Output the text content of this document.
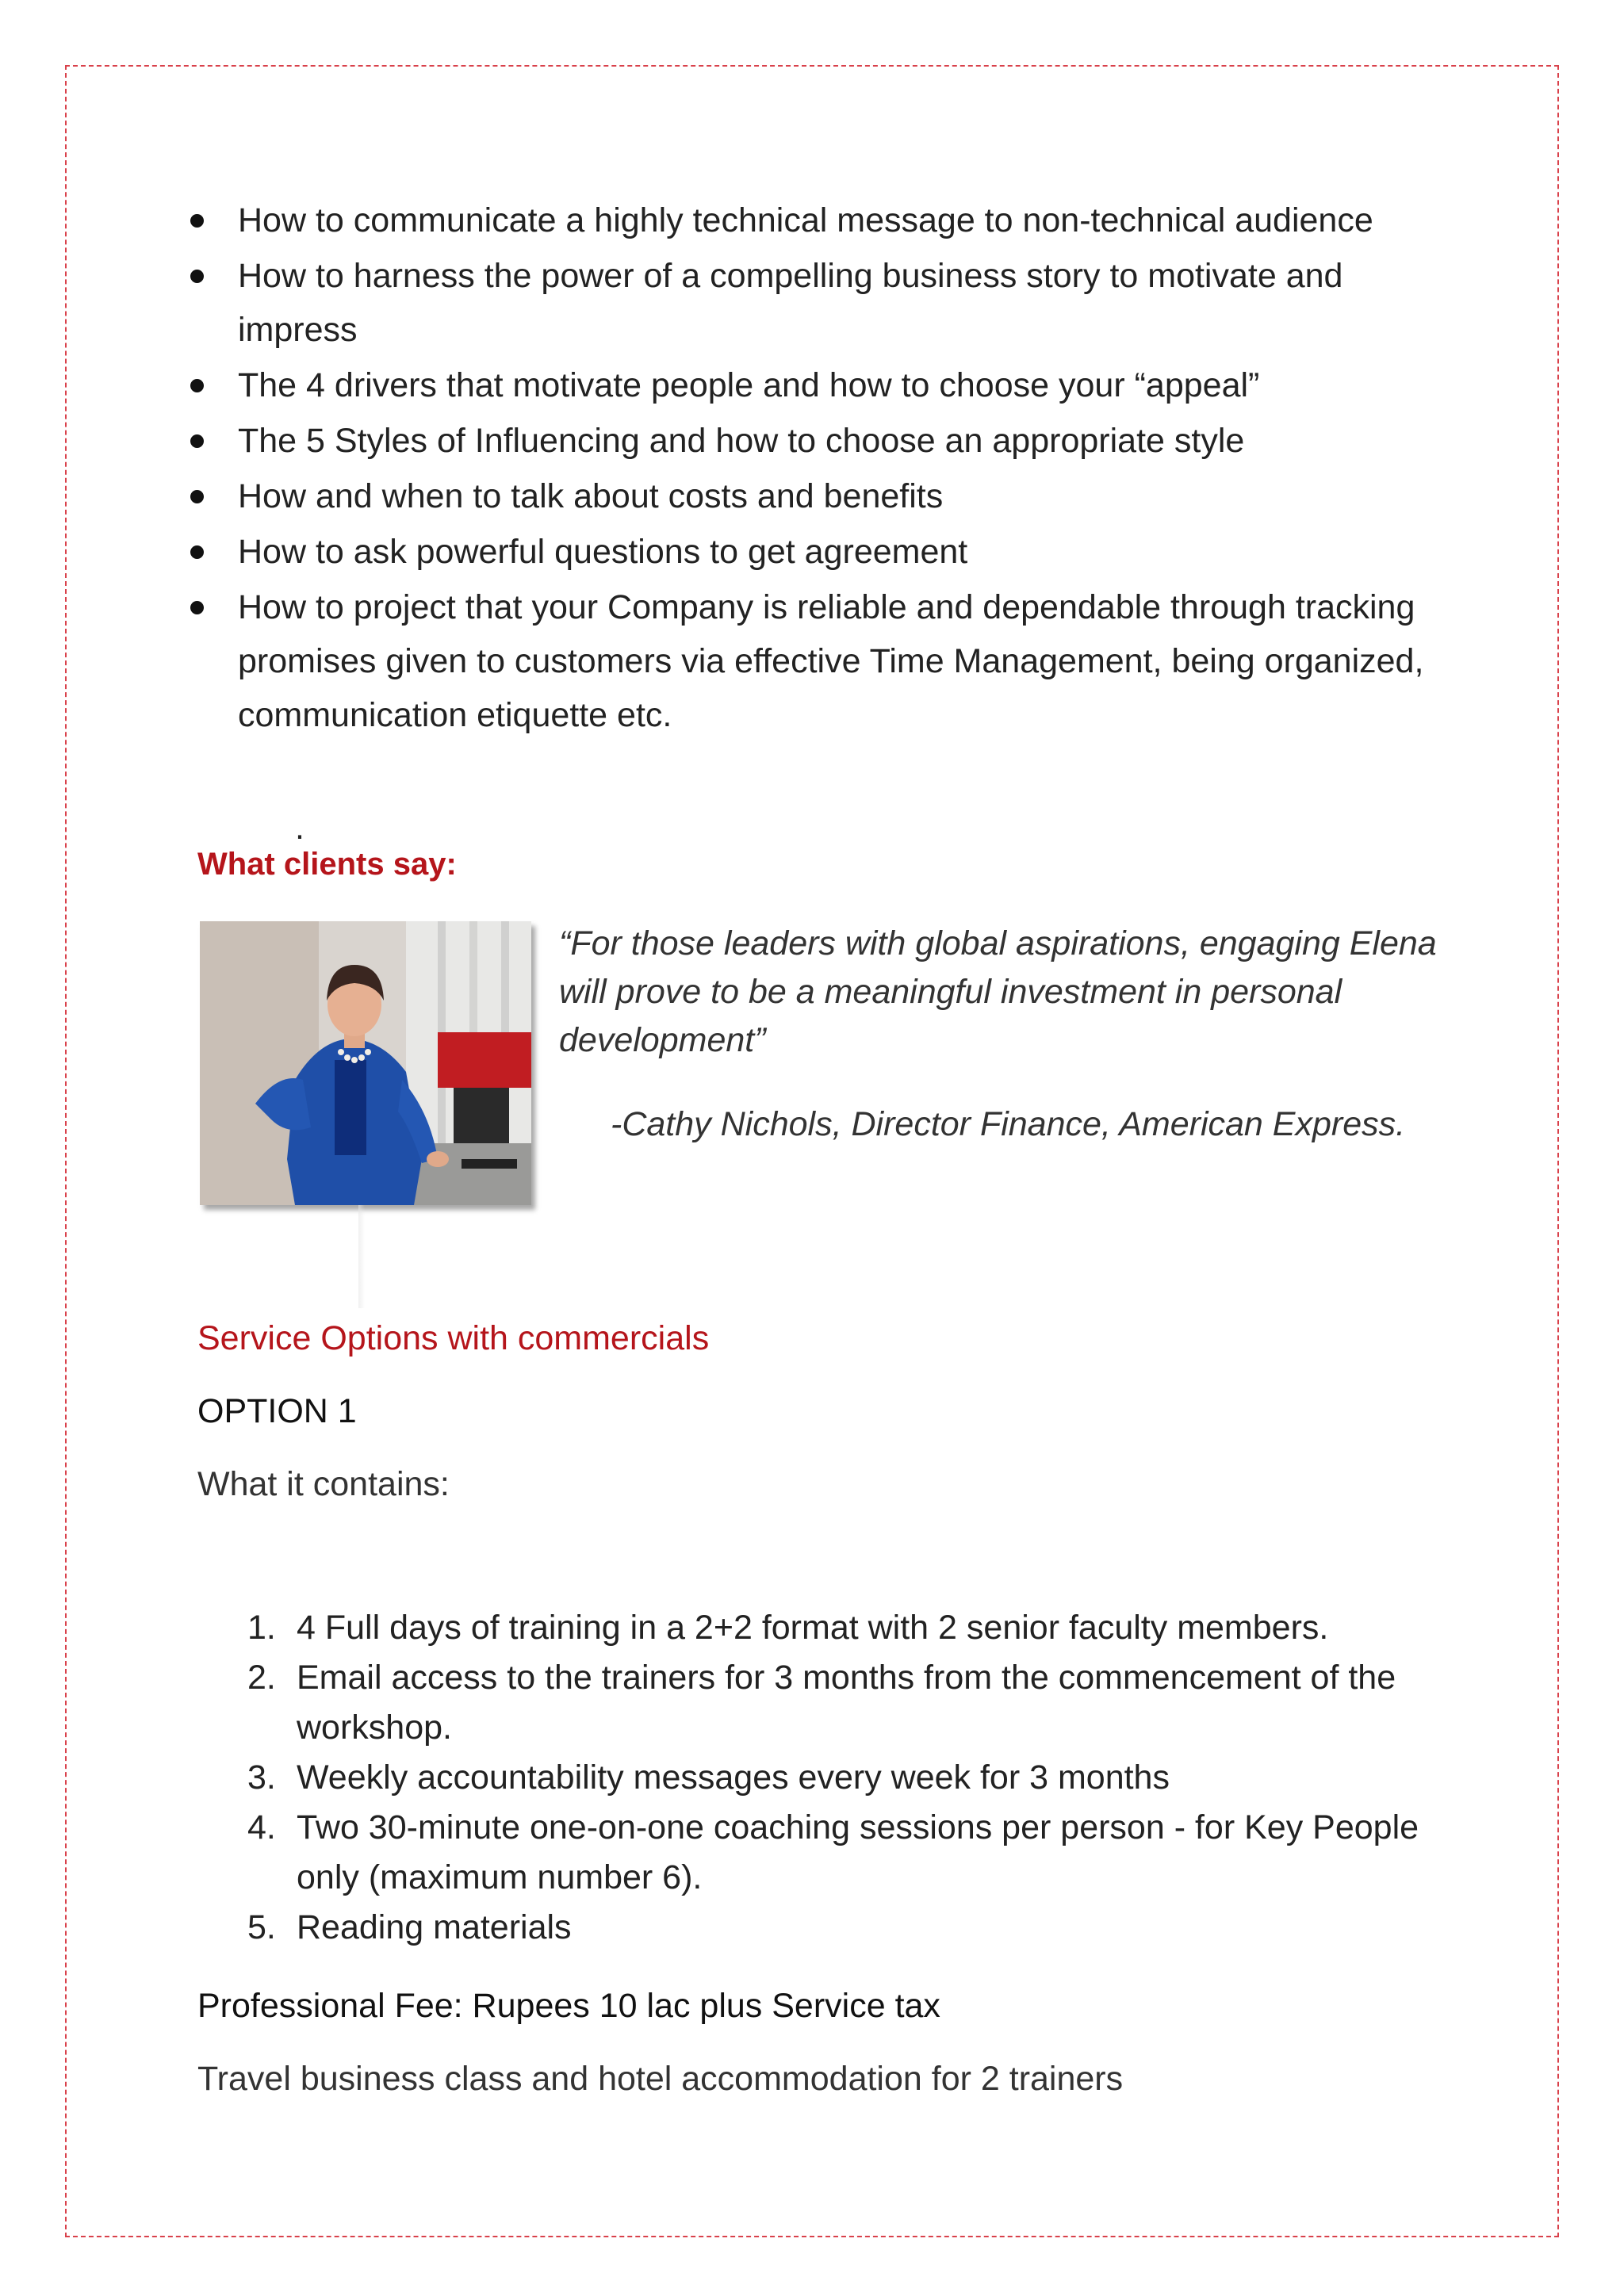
How to communicate a highly technical message to non-technical audience
How to harness the power of a compelling business story to motivate and impress
The 4 drivers that motivate people and how to choose your “appeal”
The 5 Styles of Influencing and how to choose an appropriate style
How and when to talk about costs and benefits
How to ask powerful questions to get agreement
How to project that your Company is reliable and dependable through tracking promises given to customers via effective Time Management, being organized, communication etiquette etc.
.
What clients say:
“For those leaders with global aspirations, engaging Elena will prove to be a meaningful investment in personal development”
-Cathy Nichols, Director Finance, American Express.
Service Options with commercials
OPTION 1
What it contains:
1. 4 Full days of training in a 2+2 format with 2 senior faculty members.
2. Email access to the trainers for 3 months from the commencement of the workshop.
3. Weekly accountability messages every week for 3 months
4. Two 30-minute one-on-one coaching sessions per person - for Key People only (maximum number 6).
5. Reading materials
Professional Fee: Rupees 10 lac plus Service tax
Travel business class and hotel accommodation for 2 trainers
